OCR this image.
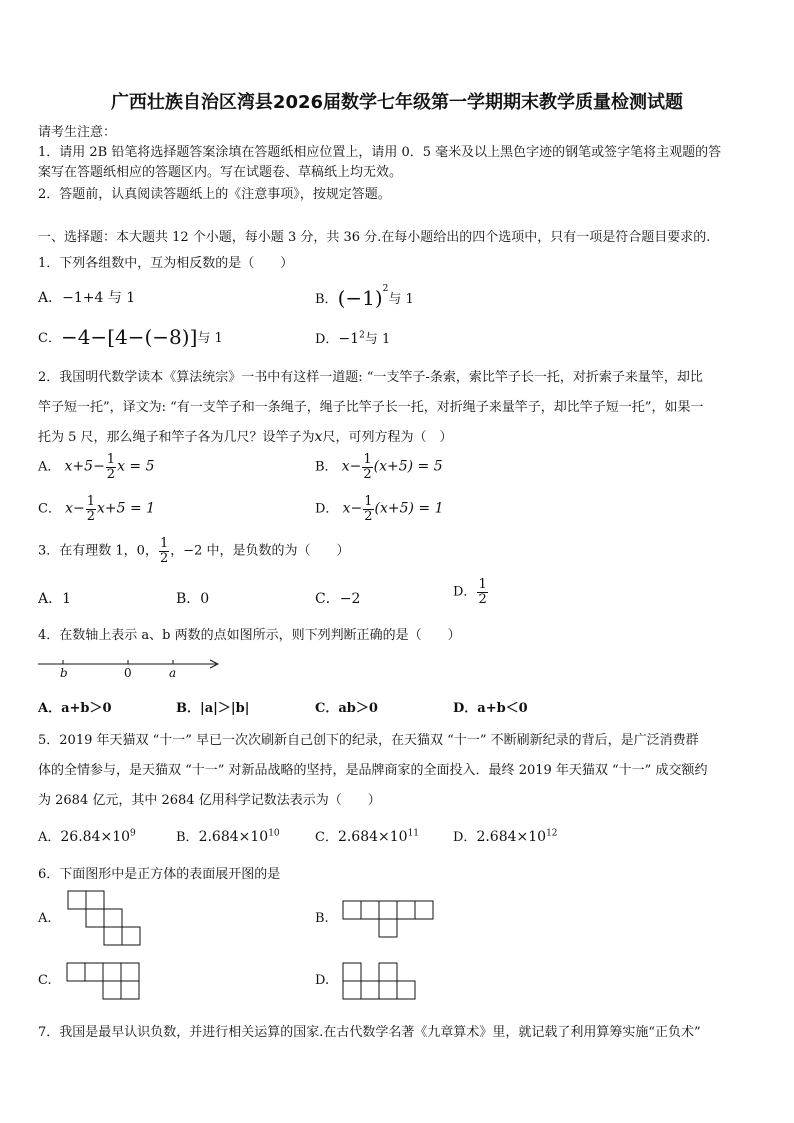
广西壮族自治区湾县2026届数学七年级第一学期期末教学质量检测试题
请考生注意：
1．请用 2B 铅笔将选择题答案涂填在答题纸相应位置上，请用 0．5 毫米及以上黑色字迹的钢笔或签字笔将主观题的答
案写在答题纸相应的答题区内。写在试题卷、草稿纸上均无效。
2．答题前，认真阅读答题纸上的《注意事项》，按规定答题。
一、选择题：本大题共 12 个小题，每小题 3 分，共 36 分.在每小题给出的四个选项中，只有一项是符合题目要求的.
1．下列各组数中，互为相反数的是（　　）
A．−1+4 与 1	B．$(-1)^2$与 1
C．−4−[4−(−8)]与 1	D．$-1^2$与 1
2．我国明代数学读本《算法统宗》一书中有这样一道题: “一支竿子-条索，索比竿子长一托，对折索子来量竿，却比
竿子短一托”，译文为: “有一支竿子和一条绳子，绳子比竿子长一托，对折绳子来量竿子，却比竿子短一托”，如果一
托为 5 尺，那么绳子和竿子各为几尺？设竿子为x尺，可列方程为（　）
A． $x+5- \frac{1}{2}$ x = 5	B． $x- \frac{1}{2} (x+5) = 5$
C． $x- \frac{1}{2} x+5 = 1$	D． $x- \frac{1}{2} (x+5) = 1$
3．在有理数 1，0， $\frac{1}{2}$ ，−2 中，是负数的为（　　）
A．1	B．0	C．−2	D． $\frac{1}{2}$
4．在数轴上表示 a、b 两数的点如图所示，则下列判断正确的是（　　）
b	0	a
A．a+b＞0	B．|a|＞|b|	C．ab＞0	D．a+b＜0
5．2019 年天猫双 “十一” 早已一次次刷新自己创下的纪录，在天猫双 “十一” 不断刷新纪录的背后，是广泛消费群
体的全情参与，是天猫双 “十一” 对新品战略的坚持，是品牌商家的全面投入．最终 2019 年天猫双 “十一” 成交额约
为 2684 亿元，其中 2684 亿用科学记数法表示为（　　）
A．$26.84\times 10^9$	B．$2.684\times 10^{10}$	C．$2.684\times 10^{11}$	D．$2.684\times 10^{12}$
6．下面图形中是正方体的表面展开图的是
A.	B.
C.	D.
7．我国是最早认识负数，并进行相关运算的国家.在古代数学名著《九章算术》里，就记载了利用算筹实施“正负术”
